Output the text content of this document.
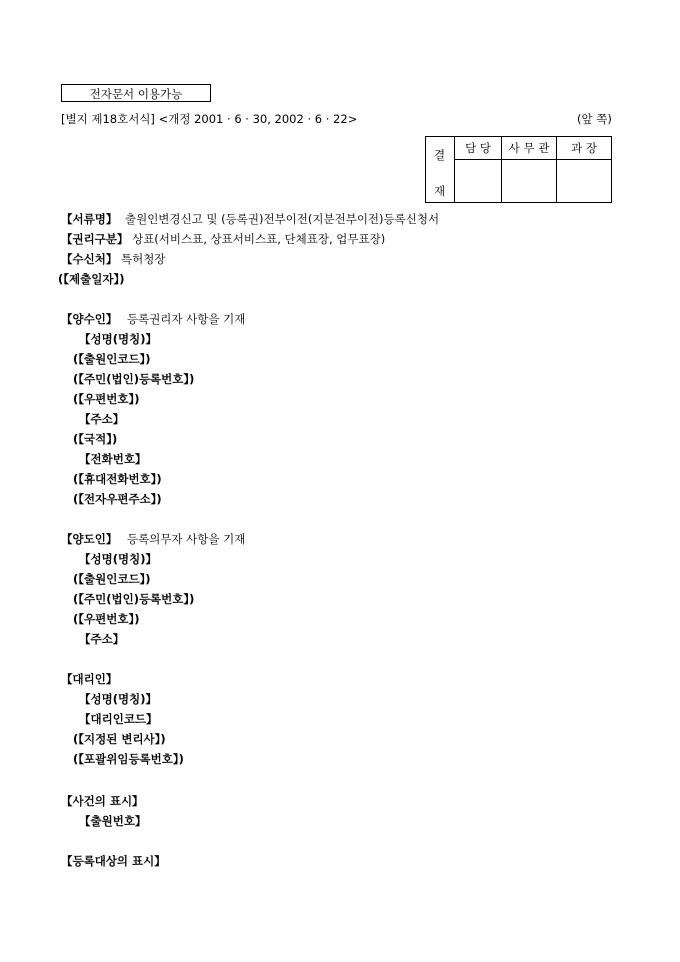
전자문서 이용가능
[별지 제18호서식] <개정 2001 · 6 · 30, 2002 · 6 · 22>	(앞 쪽)
결
재	담 당	사 무 관	과 장

【서류명】 출원인변경신고 및 (등록권)전부이전(지분전부이전)등록신청서
【권리구분】 상표(서비스표, 상표서비스표, 단체표장, 업무표장)
【수신처】 특허청장
(【제출일자】)
【양수인】 등록권리자 사항을 기재
【성명(명칭)】
(【출원인코드】)
(【주민(법인)등록번호】)
(【우편번호】)
【주소】
(【국적】)
【전화번호】
(【휴대전화번호】)
(【전자우편주소】)
【양도인】 등록의무자 사항을 기재
【성명(명칭)】
(【출원인코드】)
(【주민(법인)등록번호】)
(【우편번호】)
【주소】
【대리인】
【성명(명칭)】
【대리인코드】
(【지정된 변리사】)
(【포괄위임등록번호】)
【사건의 표시】
【출원번호】
【등록대상의 표시】
